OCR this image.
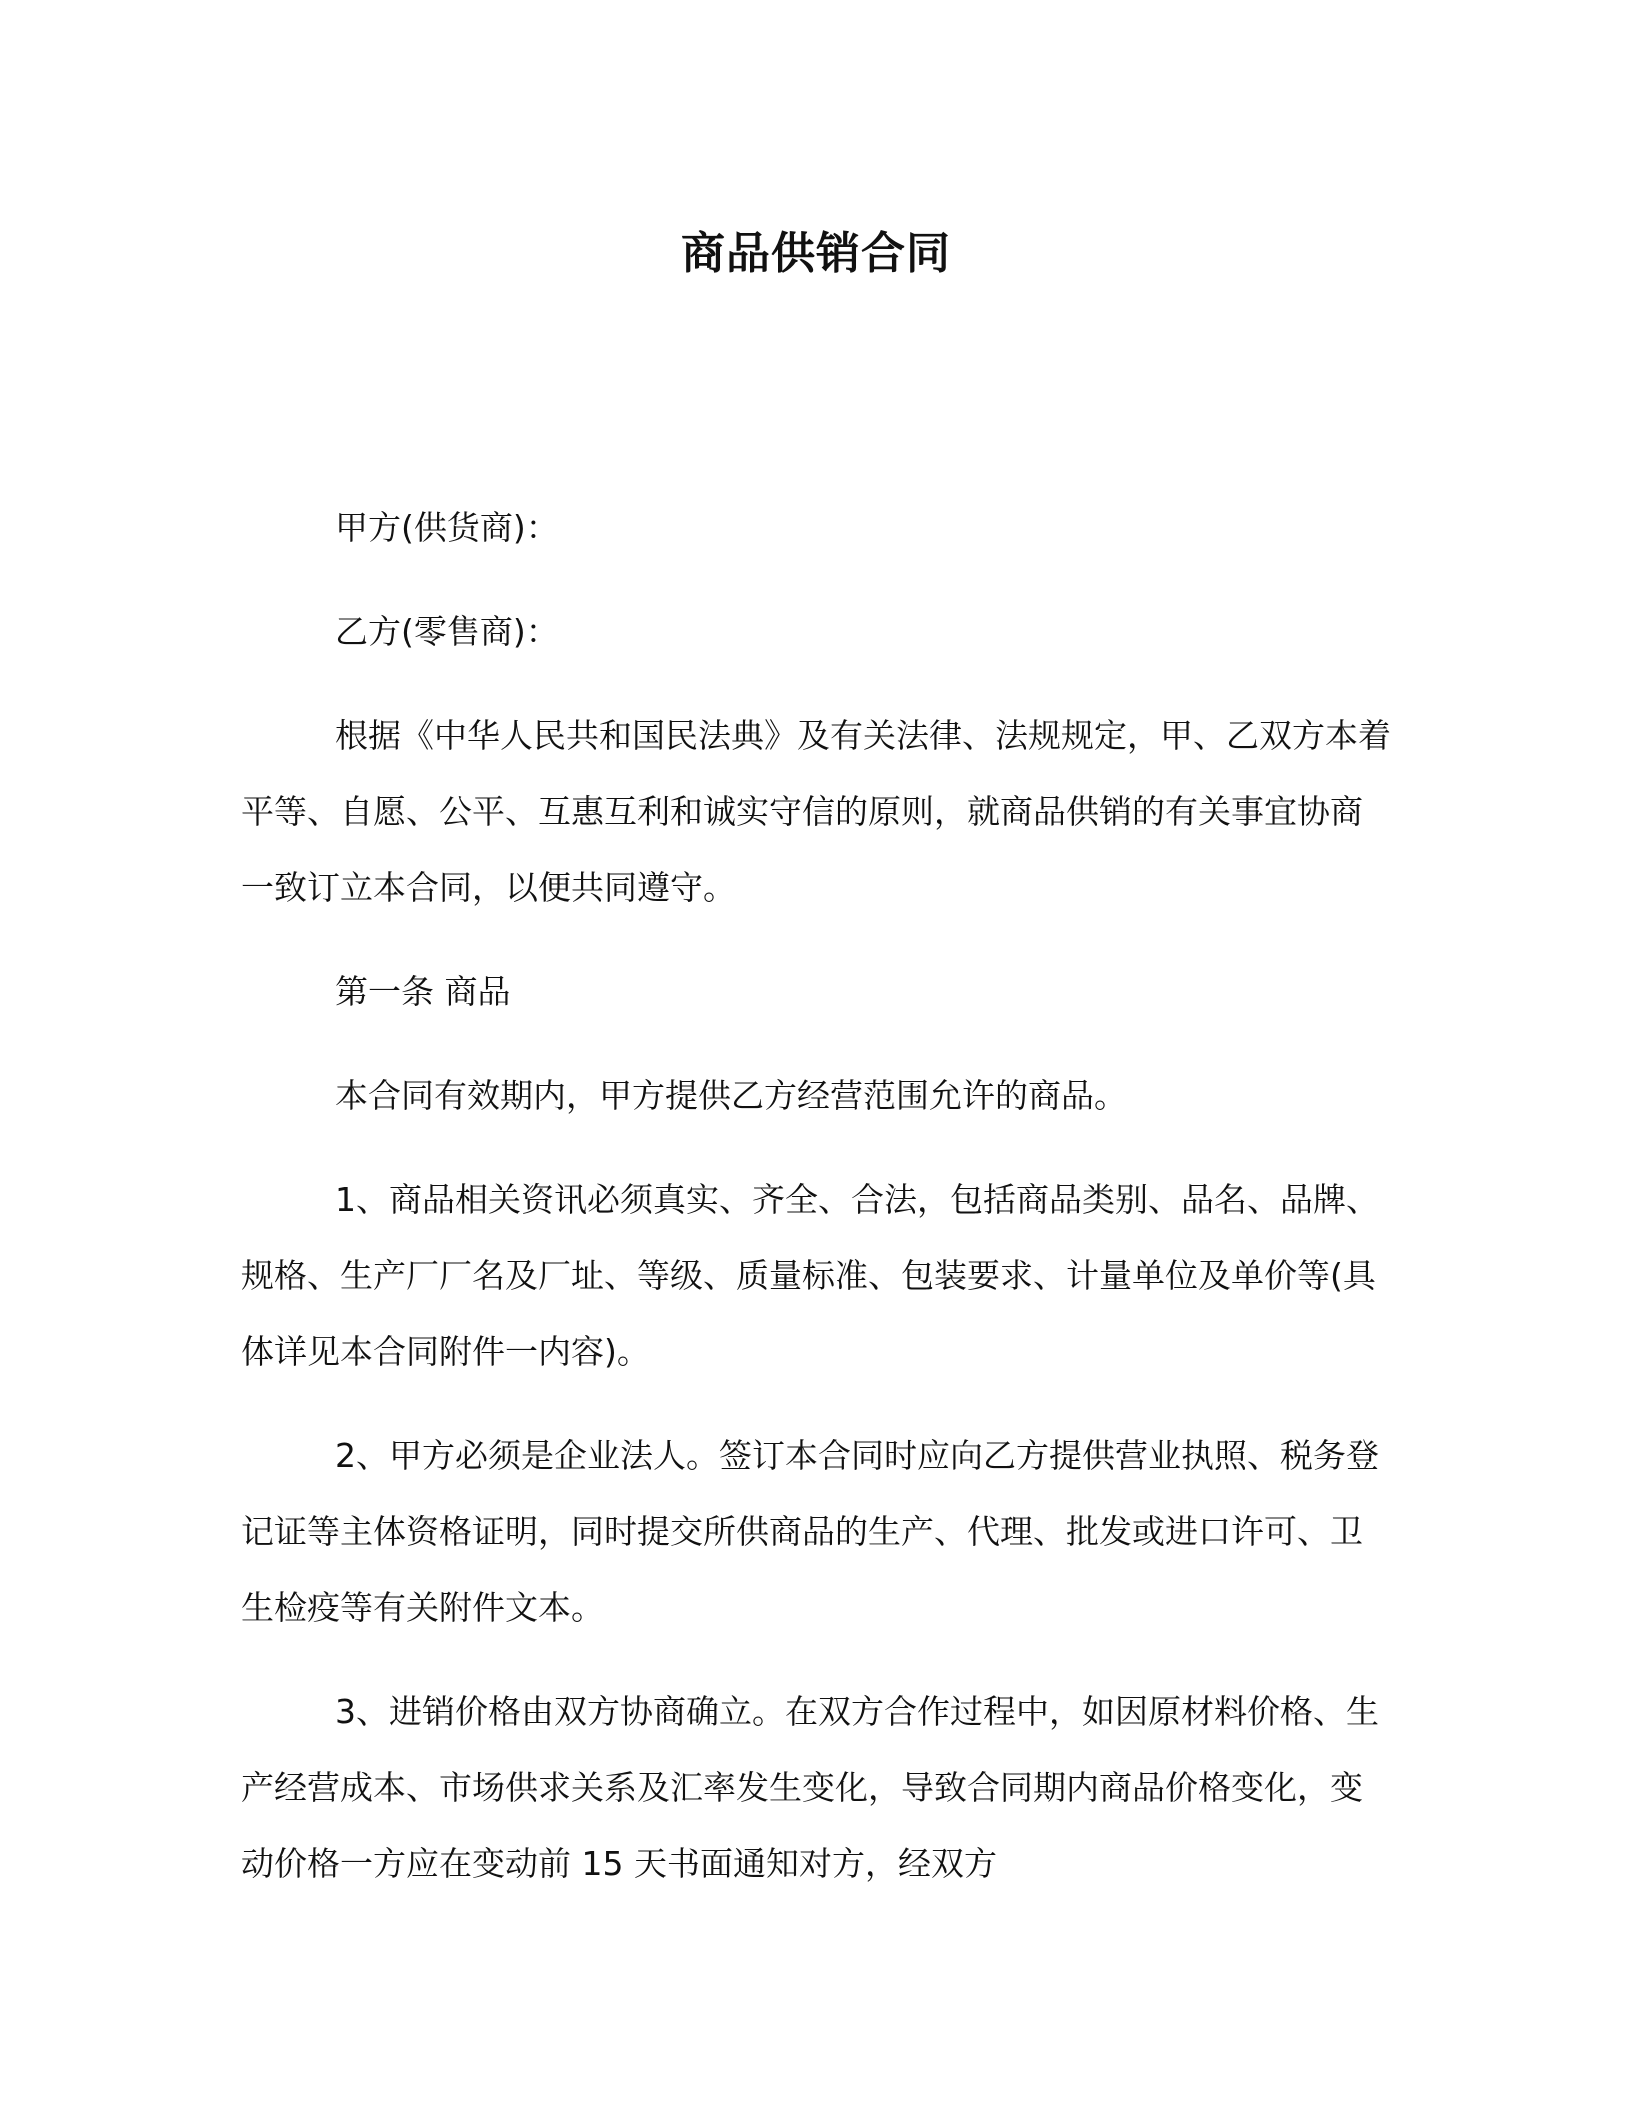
商品供销合同

甲方(供货商)：

乙方(零售商)：

根据《中华人民共和国民法典》及有关法律、法规规定，甲、乙双方本着平等、自愿、公平、互惠互利和诚实守信的原则，就商品供销的有关事宜协商一致订立本合同，以便共同遵守。

第一条 商品

本合同有效期内，甲方提供乙方经营范围允许的商品。

1、商品相关资讯必须真实、齐全、合法，包括商品类别、品名、品牌、规格、生产厂厂名及厂址、等级、质量标准、包装要求、计量单位及单价等(具体详见本合同附件一内容)。

2、甲方必须是企业法人。签订本合同时应向乙方提供营业执照、税务登记证等主体资格证明，同时提交所供商品的生产、代理、批发或进口许可、卫生检疫等有关附件文本。

3、进销价格由双方协商确立。在双方合作过程中，如因原材料价格、生产经营成本、市场供求关系及汇率发生变化，导致合同期内商品价格变化，变动价格一方应在变动前 15 天书面通知对方，经双方
